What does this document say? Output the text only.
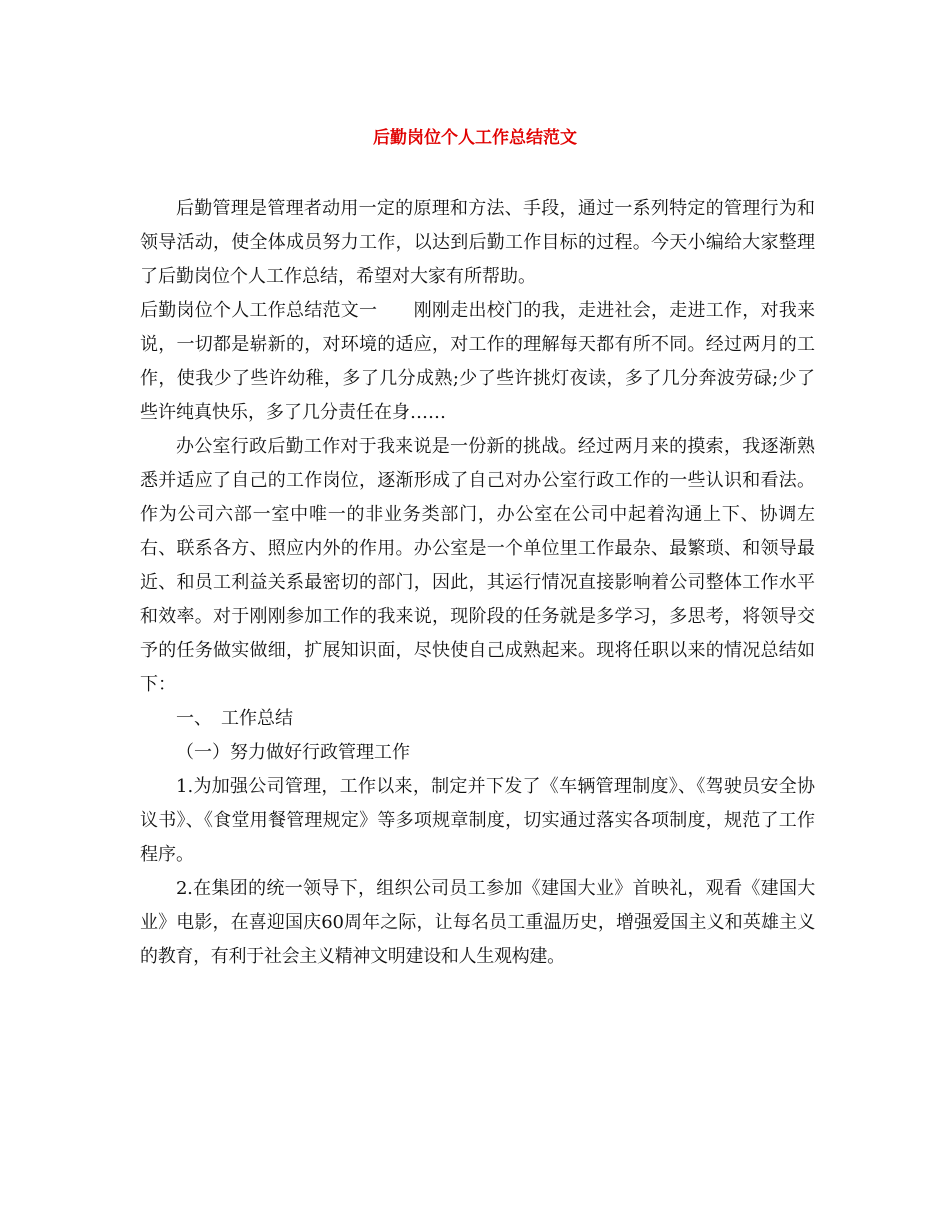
后勤岗位个人工作总结范文

后勤管理是管理者动用一定的原理和方法、手段，通过一系列特定的管理行为和领导活动，使全体成员努力工作，以达到后勤工作目标的过程。今天小编给大家整理了后勤岗位个人工作总结，希望对大家有所帮助。

后勤岗位个人工作总结范文一　　刚刚走出校门的我，走进社会，走进工作，对我来说，一切都是崭新的，对环境的适应，对工作的理解每天都有所不同。经过两月的工作，使我少了些许幼稚，多了几分成熟;少了些许挑灯夜读，多了几分奔波劳碌;少了些许纯真快乐，多了几分责任在身……

办公室行政后勤工作对于我来说是一份新的挑战。经过两月来的摸索，我逐渐熟悉并适应了自己的工作岗位，逐渐形成了自己对办公室行政工作的一些认识和看法。作为公司六部一室中唯一的非业务类部门，办公室在公司中起着沟通上下、协调左右、联系各方、照应内外的作用。办公室是一个单位里工作最杂、最繁琐、和领导最近、和员工利益关系最密切的部门，因此，其运行情况直接影响着公司整体工作水平和效率。对于刚刚参加工作的我来说，现阶段的任务就是多学习，多思考，将领导交予的任务做实做细，扩展知识面，尽快使自己成熟起来。现将任职以来的情况总结如下：

一、　工作总结

（一）努力做好行政管理工作

1.为加强公司管理，工作以来，制定并下发了《车辆管理制度》、《驾驶员安全协议书》、《食堂用餐管理规定》等多项规章制度，切实通过落实各项制度，规范了工作程序。

2.在集团的统一领导下，组织公司员工参加《建国大业》首映礼，观看《建国大业》电影，在喜迎国庆60周年之际，让每名员工重温历史，增强爱国主义和英雄主义的教育，有利于社会主义精神文明建设和人生观构建。
